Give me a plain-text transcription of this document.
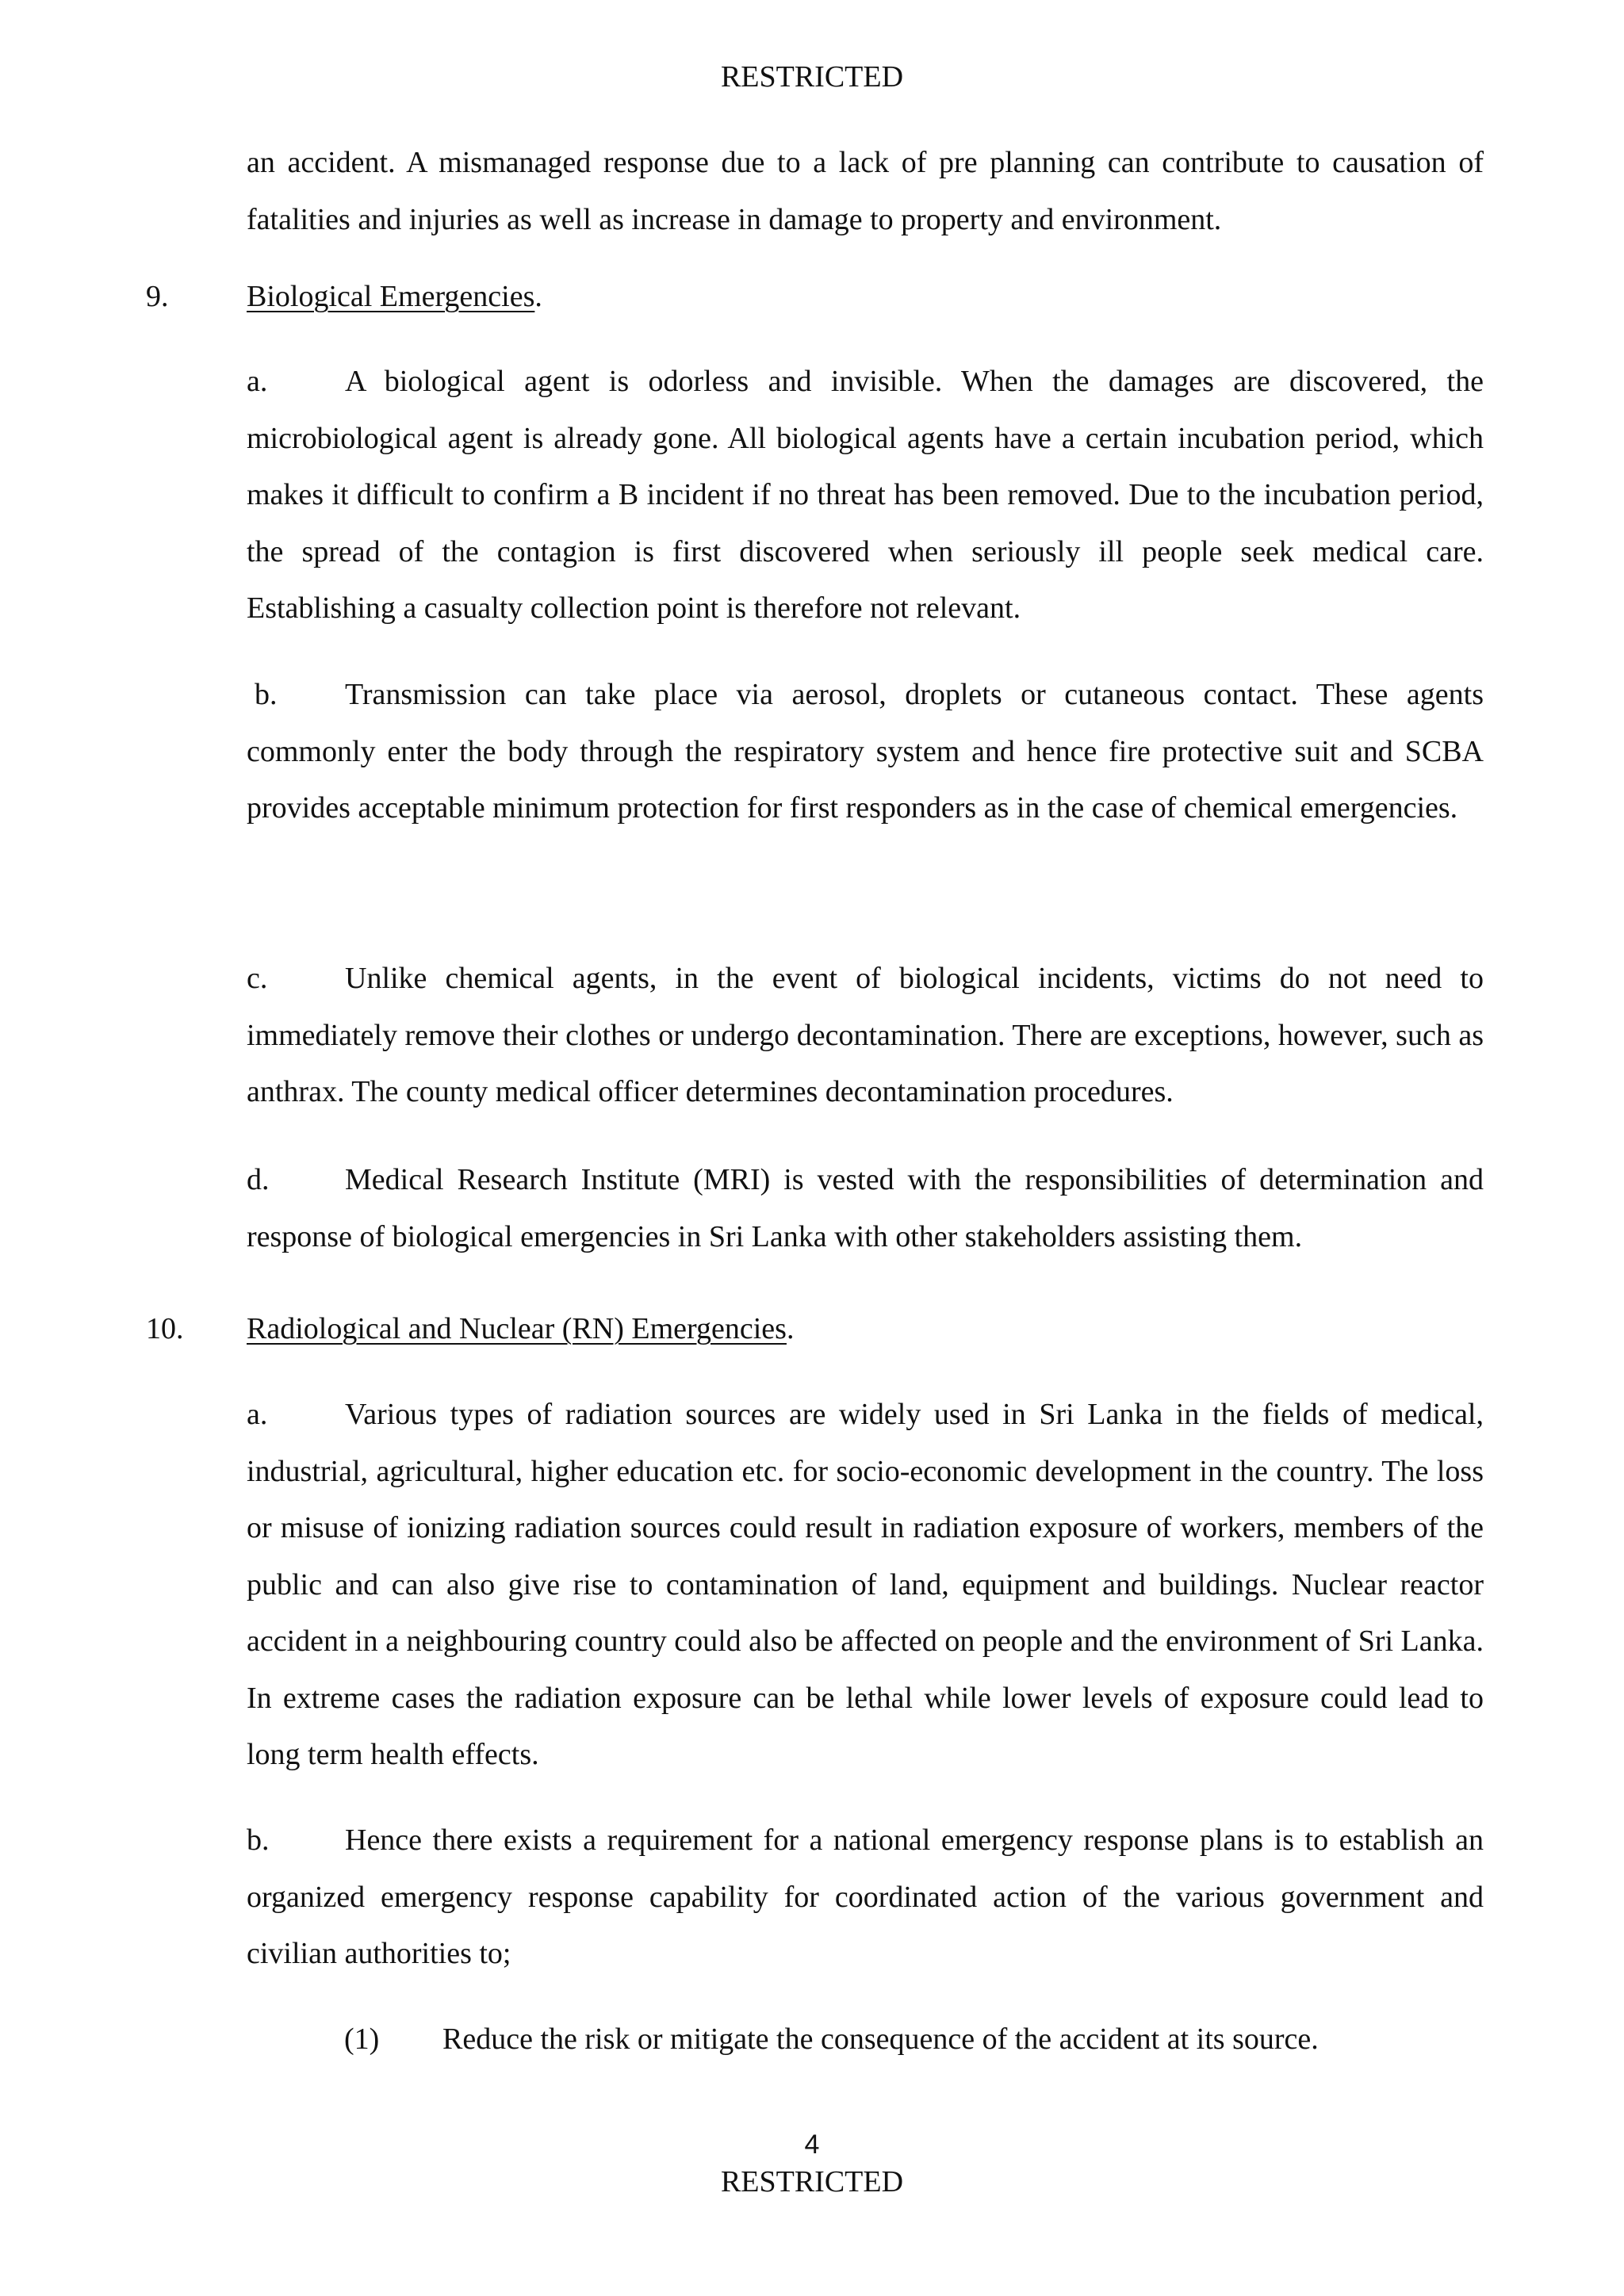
RESTRICTED
an accident. A mismanaged response due to a lack of pre planning can contribute to causation of fatalities and injuries as well as increase in damage to property and environment.
9.	Biological Emergencies.
a.	A biological agent is odorless and invisible. When the damages are discovered, the microbiological agent is already gone. All biological agents have a certain incubation period, which makes it difficult to confirm a B incident if no threat has been removed. Due to the incubation period, the spread of the contagion is first discovered when seriously ill people seek medical care. Establishing a casualty collection point is therefore not relevant.
b. Transmission can take place via aerosol, droplets or cutaneous contact. These agents commonly enter the body through the respiratory system and hence fire protective suit and SCBA provides acceptable minimum protection for first responders as in the case of chemical emergencies.
c.	Unlike chemical agents, in the event of biological incidents, victims do not need to immediately remove their clothes or undergo decontamination. There are exceptions, however, such as anthrax. The county medical officer determines decontamination procedures.
d.	Medical Research Institute (MRI) is vested with the responsibilities of determination and response of biological emergencies in Sri Lanka with other stakeholders assisting them.
10. Radiological and Nuclear (RN) Emergencies.
a.	Various types of radiation sources are widely used in Sri Lanka in the fields of medical, industrial, agricultural, higher education etc. for socio-economic development in the country. The loss or misuse of ionizing radiation sources could result in radiation exposure of workers, members of the public and can also give rise to contamination of land, equipment and buildings. Nuclear reactor accident in a neighbouring country could also be affected on people and the environment of Sri Lanka. In extreme cases the radiation exposure can be lethal while lower levels of exposure could lead to long term health effects.
b.	Hence there exists a requirement for a national emergency response plans is to establish an organized emergency response capability for coordinated action of the various government and civilian authorities to;
(1) Reduce the risk or mitigate the consequence of the accident at its source.
4
RESTRICTED
